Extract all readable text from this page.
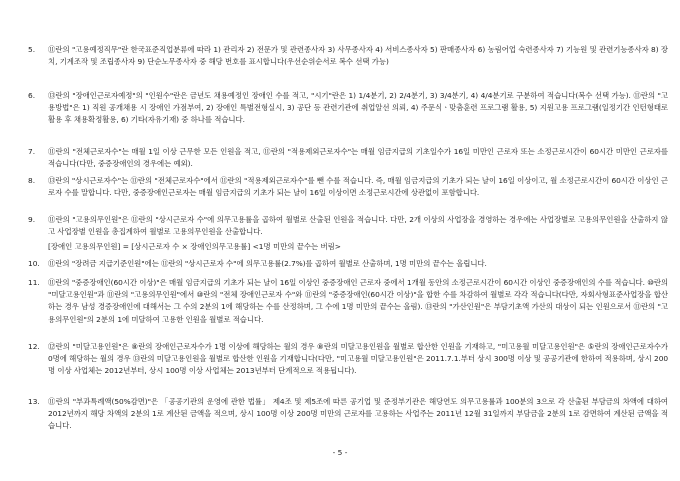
5.	⑪란의 "고용예정직무"란 한국표준직업분류에 따라 1) 관리자 2) 전문가 및 관련종사자 3) 사무종사자 4) 서비스종사자 5) 판매종사자 6) 농림어업 숙련종사자 7) 기능원 및 관련기능종사자 8) 장치, 기계조작 및 조립종사자 9) 단순노무종사자 중 해당 번호를 표시합니다(우선순위순서로 복수 선택 가능)
6.	⑬란의 "장애인근로자예정"의 "인원수"란은 금년도 채용예정인 장애인 수를 적고, "시기"란은 1) 1/4분기, 2) 2/4분기, 3) 3/4분기, 4) 4/4분기로 구분하여 적습니다(복수 선택 가능). ⑪란의 "고용방법"은 1) 직원 공개채용 시 장애인 가점부여, 2) 장애인 특별전형실시, 3) 공단 등 관련기관에 취업알선 의뢰, 4) 주문식ㆍ맞춤훈련 프로그램 활용, 5) 지원고용 프로그램(일정기간 인턴형태로 활용 후 채용확정활용, 6) 기타(자유기재) 중 하나를 적습니다.
7.	⑪란의 "전체근로자수"는 매월 1일 이상 근무한 모든 인원을 적고, ⑪란의 "적용제외근로자수"는 매월 임금지급의 기초일수가 16일 미만인 근로자 또는 소정근로시간이 60시간 미만인 근로자를 적습니다(다만, 중증장애인의 경우에는 예외).
8.	⑬란의 "상시근로자수"는 ⑪란의 "전체근로자수"에서 ⑪란의 "적용제외근로자수"를 뺀 수를 적습니다. 즉, 매월 임금지급의 기초가 되는 날이 16일 이상이고, 월 소정근로시간이 60시간 이상인 근로자 수를 말합니다. 다만, 중증장애인근로자는 매월 임금지급의 기초가 되는 날이 16일 이상이면 소정근로시간에 상관없이 포함합니다.
9.	⑪란의 "고용의무인원"은 ⑪란의 "상시근로자 수"에 의무고용률을 곱하여 월별로 산출된 인원을 적습니다. 다만, 2개 이상의 사업장을 경영하는 경우에는 사업장별로 고용의무인원을 산출하지 않고 사업장별 인원을 총집계하여 월별로 고용의무인원을 산출합니다.
[장애인 고용의무인원] = [상시근로자 수 × 장애인의무고용률] <1명 미만의 끝수는 버림>
10.	⑪란의 "장려금 지급기준인원"에는 ⑪란의 "상시근로자 수"에 의무고용률(2.7%)를 곱하여 월별로 산출하며, 1명 미만의 끝수는 올립니다.
11.	⑪란의 "중증장애인(60시간 이상)"은 매월 임금지급의 기초가 되는 날이 16일 이상인 중증장애인 근로자 중에서 1개월 동안의 소정근로시간이 60시간 이상인 중증장애인의 수를 적습니다. ⑩란의 "미달고용인원"과 ⑪란의 "고용의무인원"에서 ⑩란의 "전체 장애인근로자 수"와 ⑪란의 "중증장애인(60시간 이상)"을 합한 수를 차감하여 월별로 각각 적습니다(다만, 자회사형표준사업장을 합산하는 경우 남성 경증장애인에 대해서는 그 수의 2분의 1에 해당하는 수를 산정하며, 그 수에 1명 미만의 끝수는 올림). ⑬란의 "가산인원"은 부담기초액 가산의 대상이 되는 인원으로서 ⑪란의 "고용의무인원"의 2분의 1에 미달하여 고용한 인원을 월별로 적습니다.
12.	⑫란의 "미달고용인원"은 ⑧란의 장애인근로자수가 1명 이상에 해당하는 월의 경우 ⑧란의 미달고용인원을 월별로 합산한 인원을 기재하고, "미고용월 미달고용인원"은 ⑤란의 장애인근로자수가 0명에 해당하는 월의 경우 ⑬란의 미달고용인원을 월별로 합산한 인원을 기재합니다(다만, "미고용월 미달고용인원"은 2011.7.1.부터 상시 300명 이상 및 공공기관에 한하여 적용하며, 상시 200명 이상 사업체는 2012년부터, 상시 100명 이상 사업체는 2013년부터 단계적으로 적용됩니다).
13.	⑪란의 "부과특례액(50%감면)"은 「공공기관의 운영에 관한 법률」 제4조 및 제5조에 따른 공기업 및 준정부기관은 해당연도 의무고용률과 100분의 3으로 각 산출된 부담금의 차액에 대하여 2012년까지 해당 차액의 2분의 1로 계산된 금액을 적으며, 상시 100명 이상 200명 미만의 근로자를 고용하는 사업주는 2011년 12월 31일까지 부담금을 2분의 1로 감면하여 계산된 금액을 적습니다.
- 5 -
